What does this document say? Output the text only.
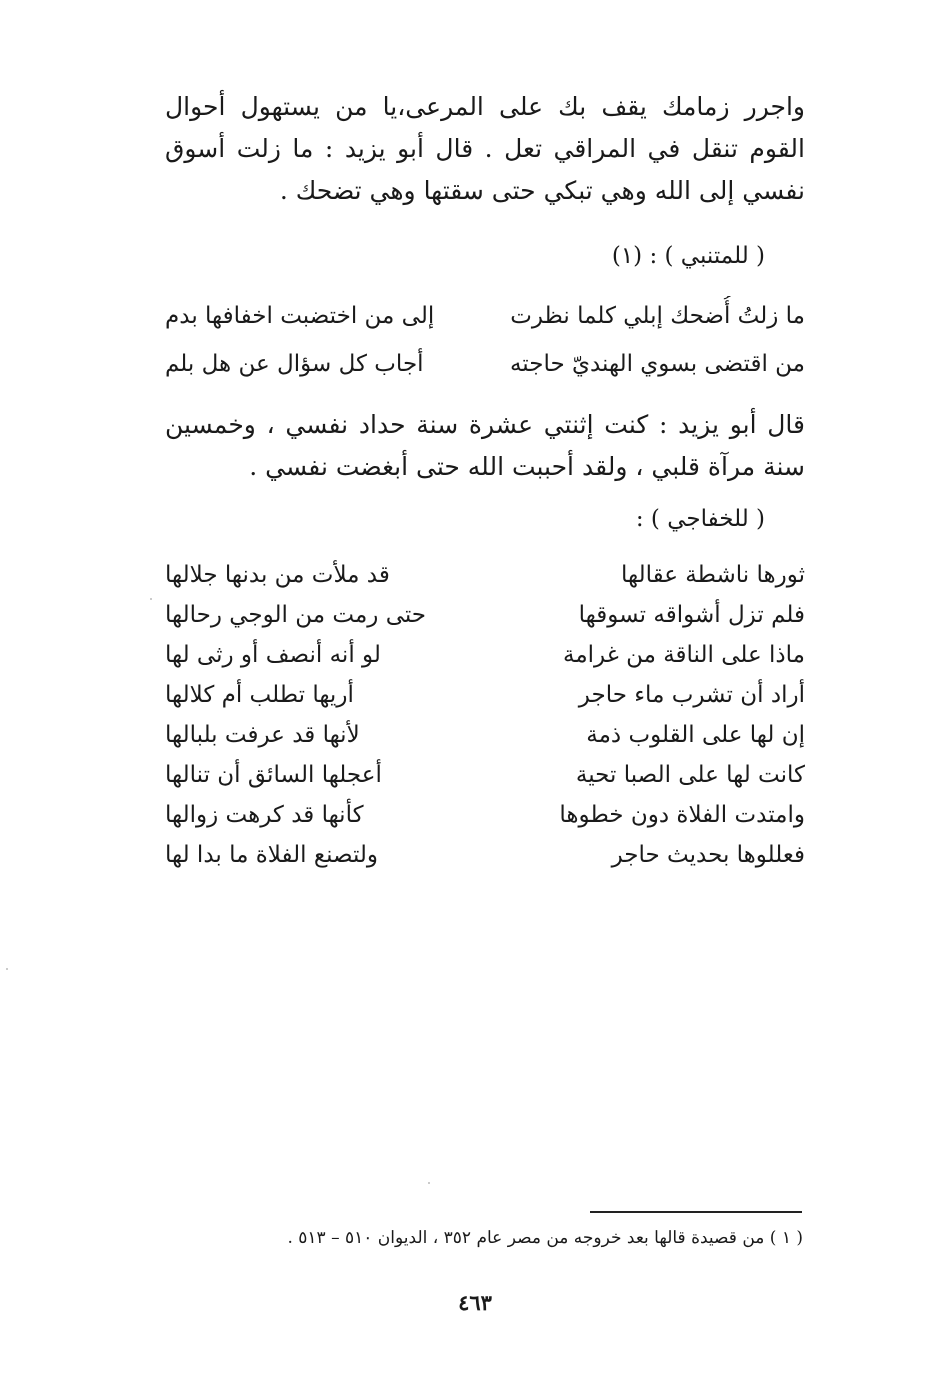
واجرر زمامك يقف بك على المرعى،يا من يستهول أحوال القوم تنقل في المراقي تعل . قال أبو يزيد : ما زلت أسوق نفسي إلى الله وهي تبكي حتى سقتها وهي تضحك .

( للمتنبي ) : (١)
ما زلتُ أُضحك إبلي كلما نظرت
إلى من اختضبت اخفافها بدم
من اقتضى بسوي الهنديّ حاجته
أجاب كل سؤال عن هل بلم

قال أبو يزيد : كنت إثنتي عشرة سنة حداد نفسي ، وخمسين سنة مرآة قلبي ، ولقد أحببت الله حتى أبغضت نفسي .

( للخفاجي ) :
ثورها ناشطة عقالها
قد ملأت من بدنها جلالها
فلم تزل أشواقه تسوقها
حتى رمت من الوجي رحالها
ماذا على الناقة من غرامة
لو أنه أنصف أو رثى لها
أراد أن تشرب ماء حاجر
أريها تطلب أم كلالها
إن لها على القلوب ذمة
لأنها قد عرفت بلبالها
كانت لها على الصبا تحية
أعجلها السائق أن تنالها
وامتدت الفلاة دون خطوها
كأنها قد كرهت زوالها
فعللوها بحديث حاجر
ولتصنع الفلاة ما بدا لها
( ١ ) من قصيدة قالها بعد خروجه من مصر عام ٣٥٢ ، الديوان ٥١٠ – ٥١٣ .
٤٦٣
